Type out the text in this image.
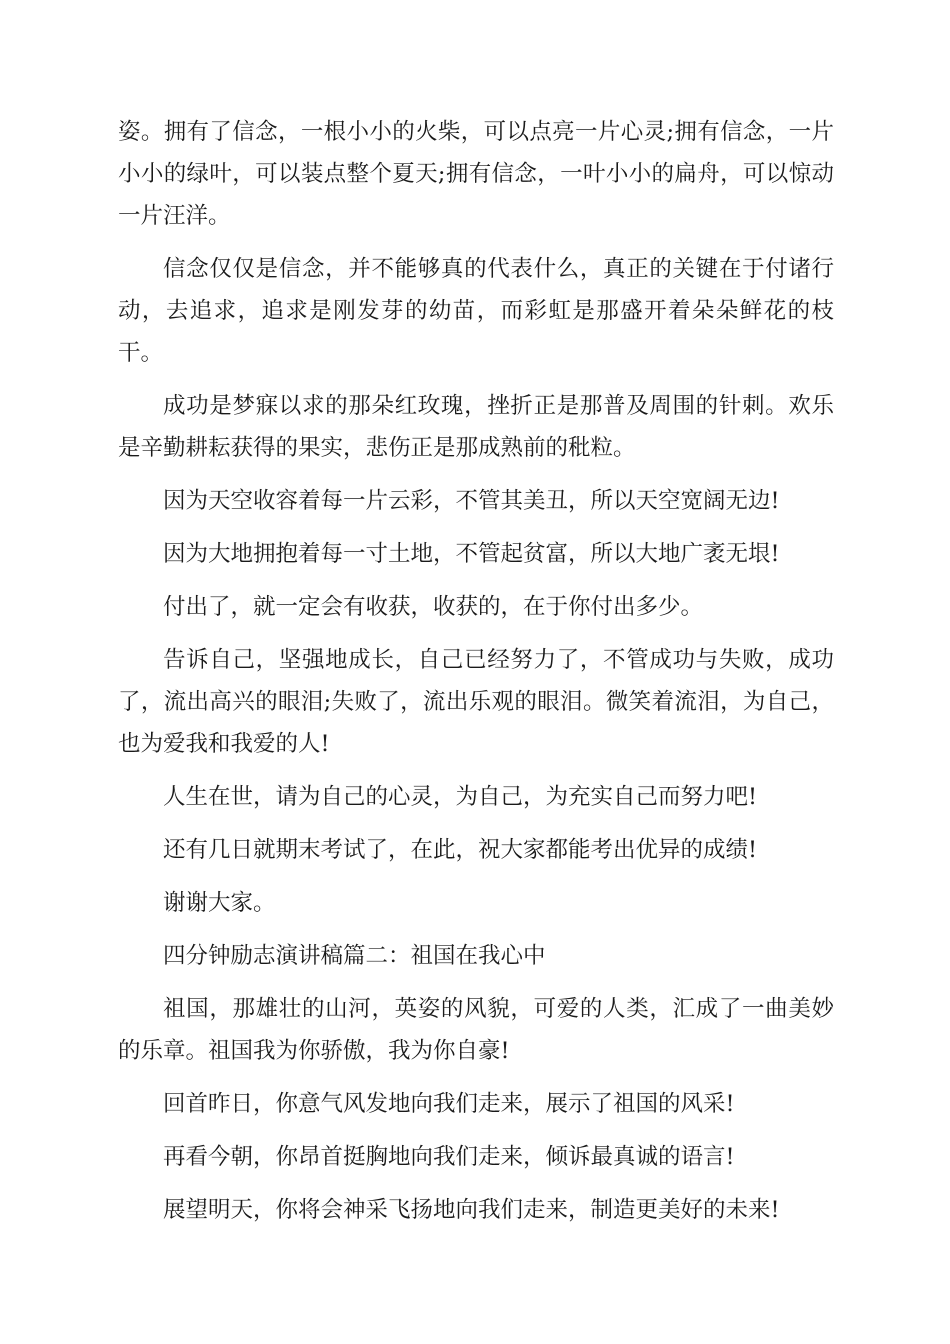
姿。拥有了信念，一根小小的火柴，可以点亮一片心灵;拥有信念，一片小小的绿叶，可以装点整个夏天;拥有信念，一叶小小的扁舟，可以惊动一片汪洋。

信念仅仅是信念，并不能够真的代表什么，真正的关键在于付诸行动，去追求，追求是刚发芽的幼苗，而彩虹是那盛开着朵朵鲜花的枝干。

成功是梦寐以求的那朵红玫瑰，挫折正是那普及周围的针刺。欢乐是辛勤耕耘获得的果实，悲伤正是那成熟前的秕粒。

因为天空收容着每一片云彩，不管其美丑，所以天空宽阔无边!

因为大地拥抱着每一寸土地，不管起贫富，所以大地广袤无垠!

付出了，就一定会有收获，收获的，在于你付出多少。

告诉自己，坚强地成长，自己已经努力了，不管成功与失败，成功了，流出高兴的眼泪;失败了，流出乐观的眼泪。微笑着流泪，为自己，也为爱我和我爱的人!

人生在世，请为自己的心灵，为自己，为充实自己而努力吧!

还有几日就期末考试了，在此，祝大家都能考出优异的成绩!

谢谢大家。

四分钟励志演讲稿篇二：祖国在我心中

祖国，那雄壮的山河，英姿的风貌，可爱的人类，汇成了一曲美妙的乐章。祖国我为你骄傲，我为你自豪!

回首昨日，你意气风发地向我们走来，展示了祖国的风采!

再看今朝，你昂首挺胸地向我们走来，倾诉最真诚的语言!

展望明天，你将会神采飞扬地向我们走来，制造更美好的未来!
